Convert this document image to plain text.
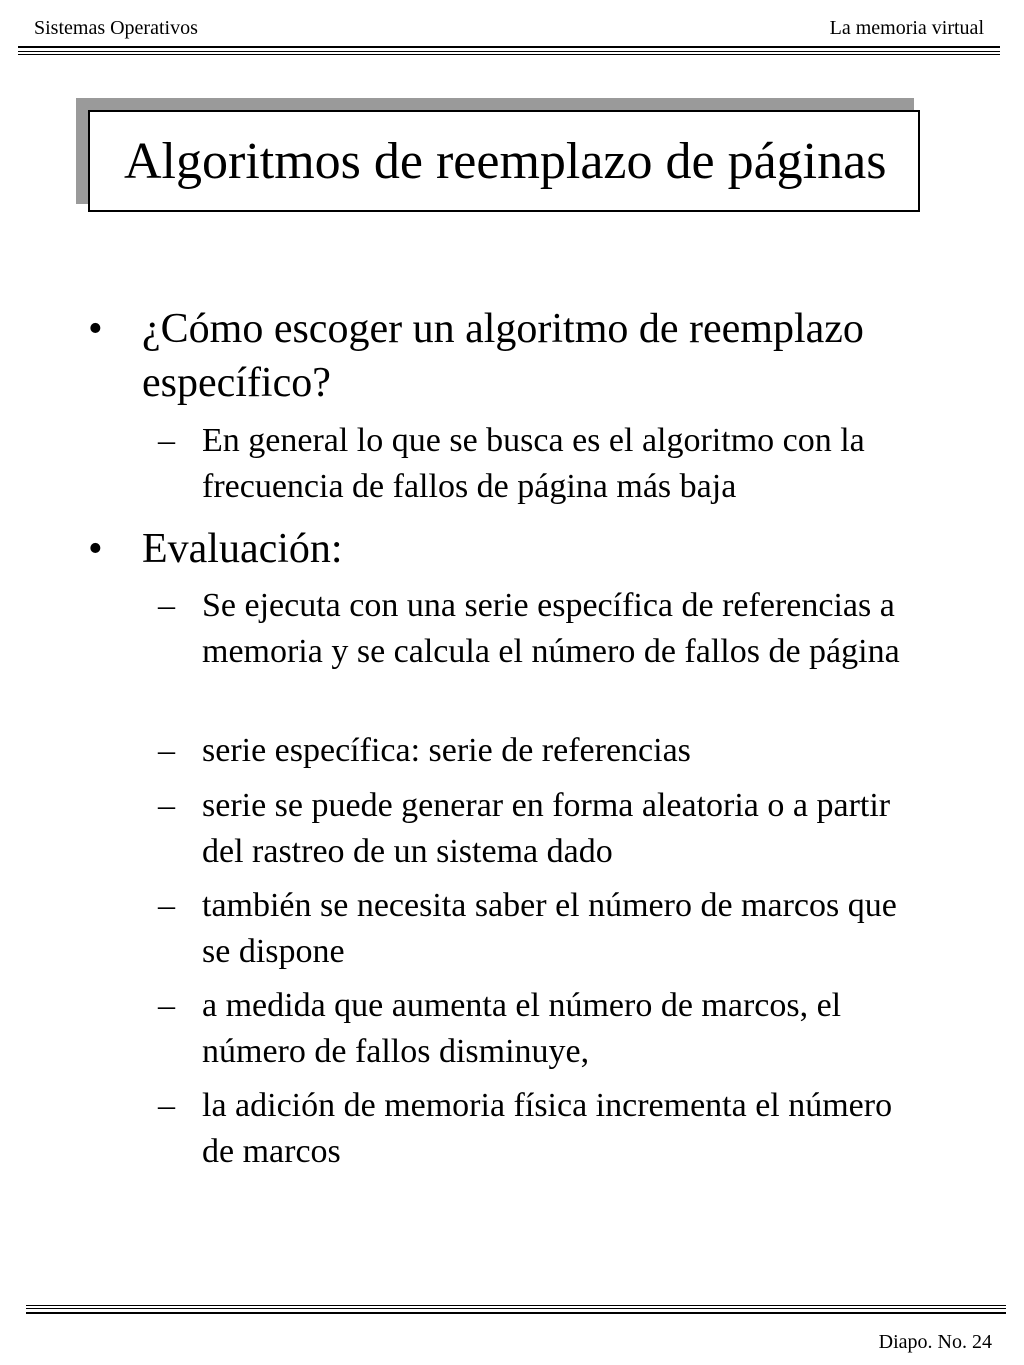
Sistemas Operativos	La memoria virtual
Algoritmos de reemplazo de páginas
• ¿Cómo escoger un algoritmo de reemplazo específico?
– En general lo que se busca es el algoritmo con la frecuencia de fallos de página más baja
• Evaluación:
– Se ejecuta con una serie específica de referencias a memoria y se calcula el número de fallos de página
– serie específica: serie de referencias
– serie se puede generar en forma aleatoria o a partir del rastreo de un sistema dado
– también se necesita saber el número de marcos que se dispone
– a medida que aumenta el número de marcos, el número de fallos disminuye,
– la adición de memoria física incrementa el número de marcos
Diapo. No. 24
